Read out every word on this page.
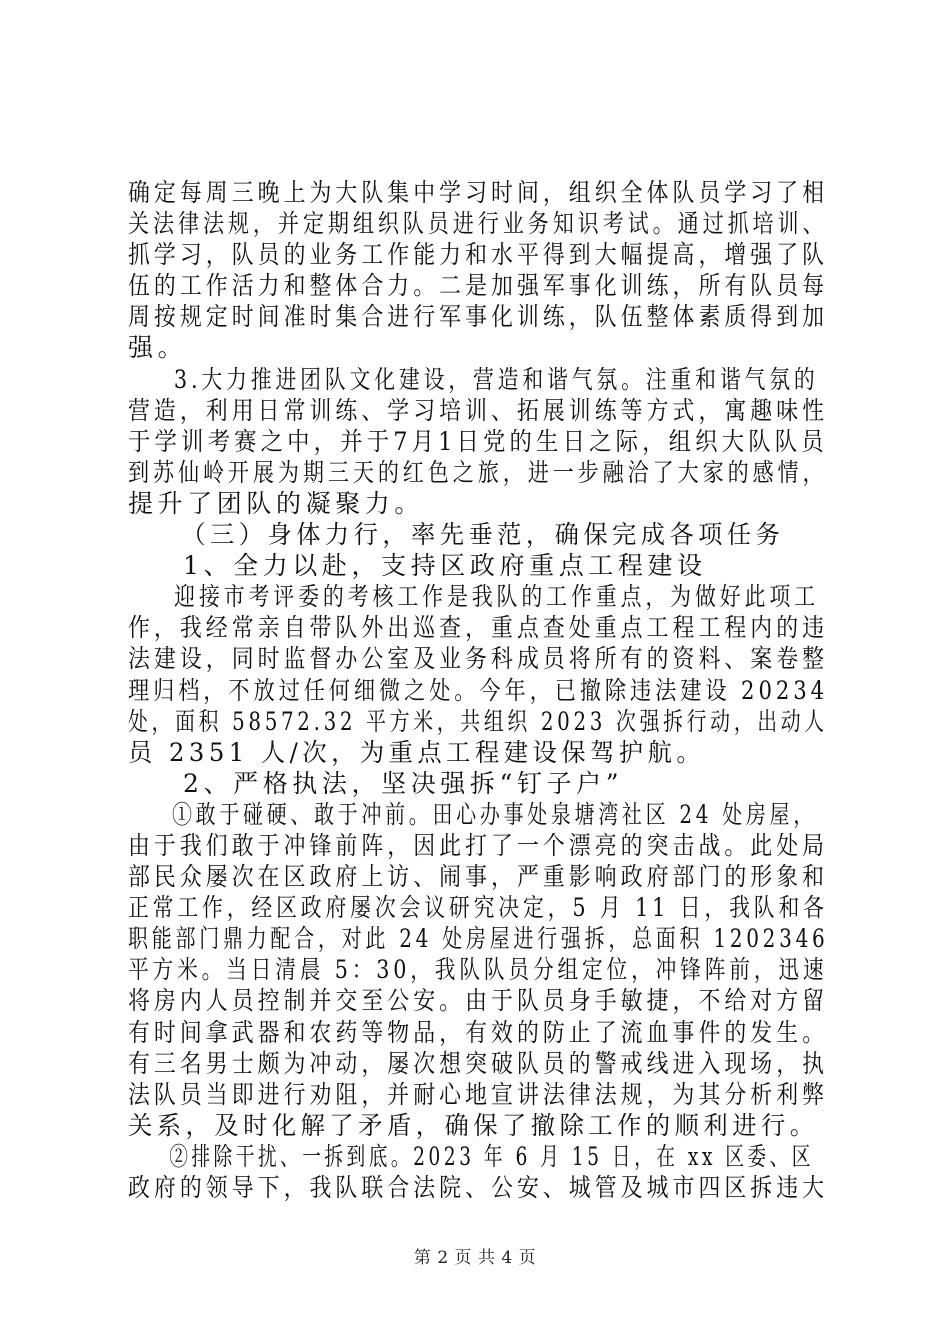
确定每周三晚上为大队集中学习时间，组织全体队员学习了相
关法律法规，并定期组织队员进行业务知识考试。通过抓培训、
抓学习，队员的业务工作能力和水平得到大幅提高，增强了队
伍的工作活力和整体合力。二是加强军事化训练，所有队员每
周按规定时间准时集合进行军事化训练，队伍整体素质得到加
强。
3.大力推进团队文化建设，营造和谐气氛。注重和谐气氛的
营造，利用日常训练、学习培训、拓展训练等方式，寓趣味性
于学训考赛之中，并于7月1日党的生日之际，组织大队队员
到苏仙岭开展为期三天的红色之旅，进一步融洽了大家的感情，
提升了团队的凝聚力。
（三）身体力行，率先垂范，确保完成各项任务
1、全力以赴，支持区政府重点工程建设
迎接市考评委的考核工作是我队的工作重点，为做好此项工
作，我经常亲自带队外出巡查，重点查处重点工程工程内的违
法建设，同时监督办公室及业务科成员将所有的资料、案卷整
理归档，不放过任何细微之处。今年，已撤除违法建设 20234
处，面积 58572.32 平方米，共组织 2023 次强拆行动，出动人
员 2351 人/次，为重点工程建设保驾护航。
2、严格执法，坚决强拆“钉子户”
①敢于碰硬、敢于冲前。田心办事处泉塘湾社区 24 处房屋，
由于我们敢于冲锋前阵，因此打了一个漂亮的突击战。此处局
部民众屡次在区政府上访、闹事，严重影响政府部门的形象和
正常工作，经区政府屡次会议研究决定，5 月 11 日，我队和各
职能部门鼎力配合，对此 24 处房屋进行强拆，总面积 1202346
平方米。当日清晨 5：30，我队队员分组定位，冲锋阵前，迅速
将房内人员控制并交至公安。由于队员身手敏捷，不给对方留
有时间拿武器和农药等物品，有效的防止了流血事件的发生。
有三名男士颇为冲动，屡次想突破队员的警戒线进入现场，执
法队员当即进行劝阻，并耐心地宣讲法律法规，为其分析利弊
关系，及时化解了矛盾，确保了撤除工作的顺利进行。
②排除干扰、一拆到底。2023 年 6 月 15 日，在 xx 区委、区
政府的领导下，我队联合法院、公安、城管及城市四区拆违大
第 2 页 共 4 页
